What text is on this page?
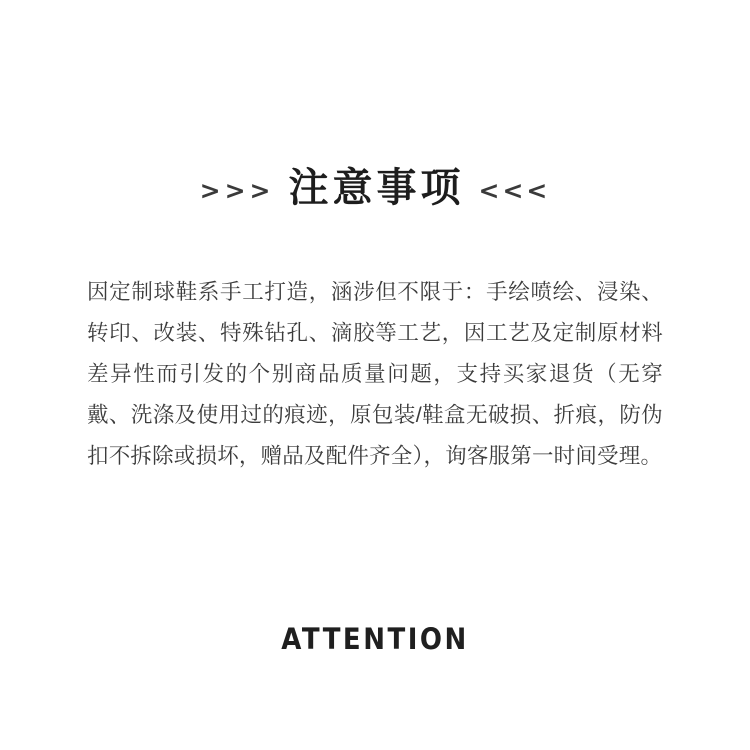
>>> 注意事项 <<<

因定制球鞋系手工打造，涵涉但不限于：手绘喷绘、浸染、转印、改装、特殊钻孔、滴胶等工艺，因工艺及定制原材料差异性而引发的个别商品质量问题，支持买家退货（无穿戴、洗涤及使用过的痕迹，原包装/鞋盒无破损、折痕，防伪扣不拆除或损坏，赠品及配件齐全），询客服第一时间受理。

ATTENTION
